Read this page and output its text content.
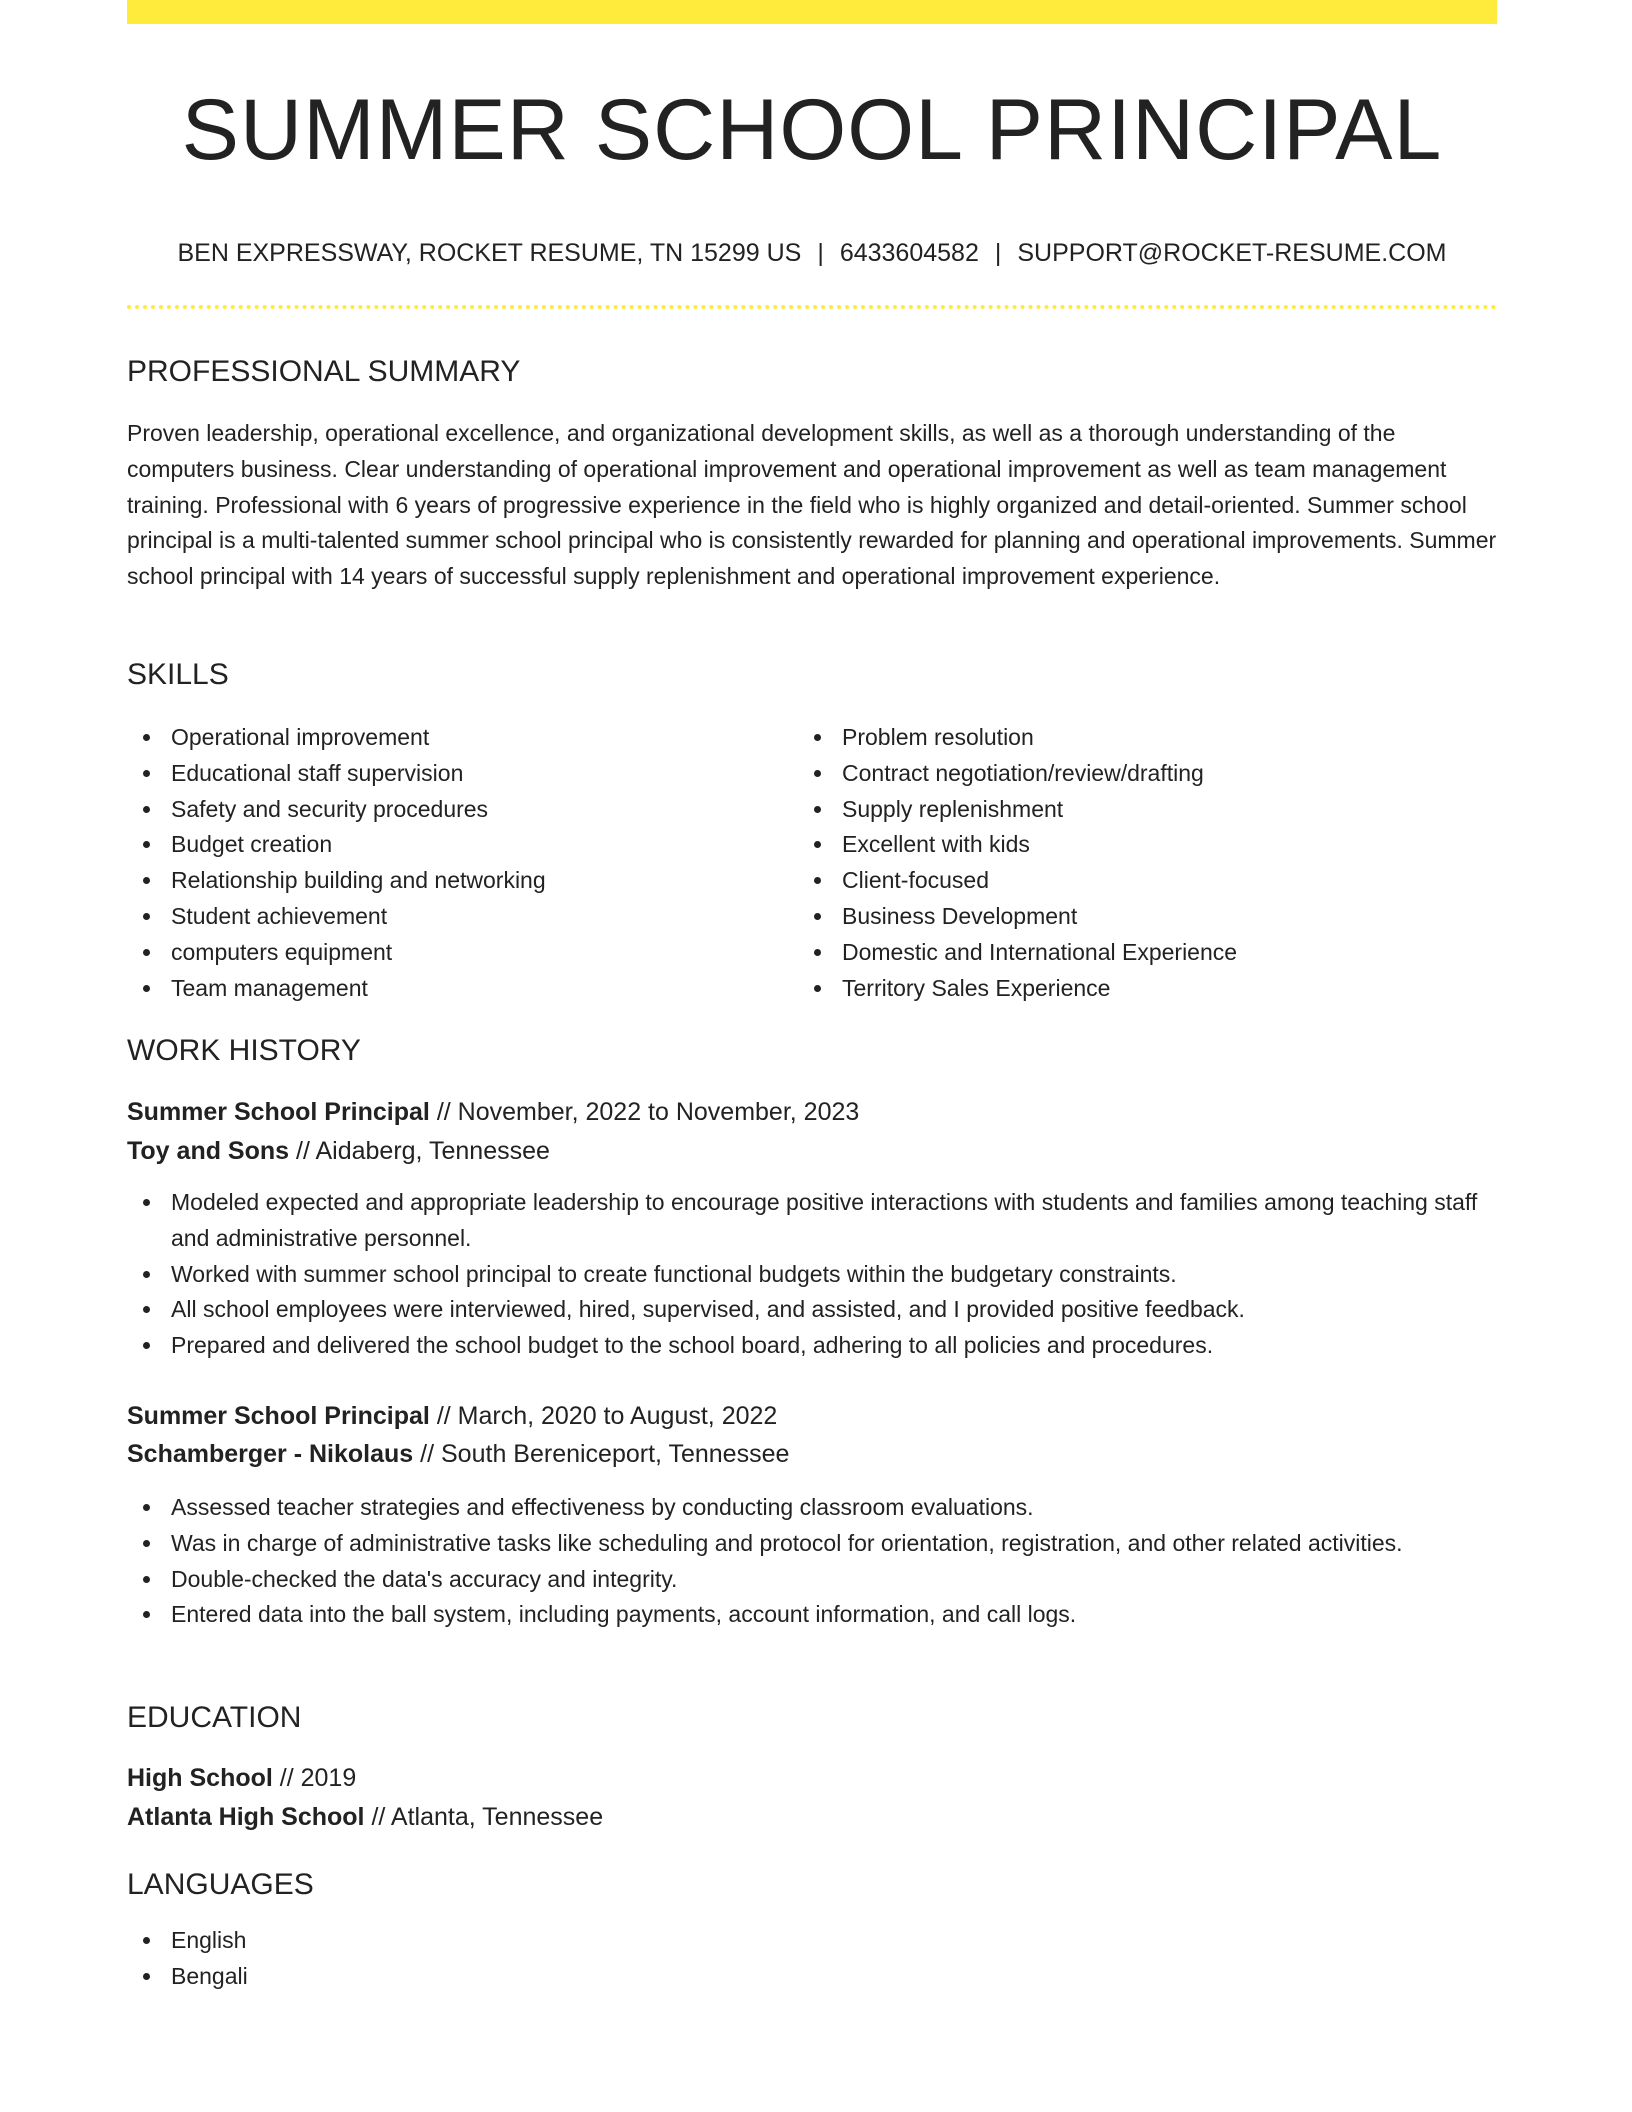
SUMMER SCHOOL PRINCIPAL
BEN EXPRESSWAY, ROCKET RESUME, TN 15299 US | 6433604582 | SUPPORT@ROCKET-RESUME.COM
PROFESSIONAL SUMMARY

Proven leadership, operational excellence, and organizational development skills, as well as a thorough understanding of the computers business. Clear understanding of operational improvement and operational improvement as well as team management training. Professional with 6 years of progressive experience in the field who is highly organized and detail-oriented. Summer school principal is a multi-talented summer school principal who is consistently rewarded for planning and operational improvements. Summer school principal with 14 years of successful supply replenishment and operational improvement experience.

SKILLS
Operational improvement
Educational staff supervision
Safety and security procedures
Budget creation
Relationship building and networking
Student achievement
computers equipment
Team management
Problem resolution
Contract negotiation/review/drafting
Supply replenishment
Excellent with kids
Client-focused
Business Development
Domestic and International Experience
Territory Sales Experience
WORK HISTORY
Summer School Principal // November, 2022 to November, 2023
Toy and Sons // Aidaberg, Tennessee
Modeled expected and appropriate leadership to encourage positive interactions with students and families among teaching staff and administrative personnel.
Worked with summer school principal to create functional budgets within the budgetary constraints.
All school employees were interviewed, hired, supervised, and assisted, and I provided positive feedback.
Prepared and delivered the school budget to the school board, adhering to all policies and procedures.
Summer School Principal // March, 2020 to August, 2022
Schamberger - Nikolaus // South Bereniceport, Tennessee
Assessed teacher strategies and effectiveness by conducting classroom evaluations.
Was in charge of administrative tasks like scheduling and protocol for orientation, registration, and other related activities.
Double-checked the data's accuracy and integrity.
Entered data into the ball system, including payments, account information, and call logs.
EDUCATION
High School // 2019
Atlanta High School // Atlanta, Tennessee
LANGUAGES
English
Bengali
